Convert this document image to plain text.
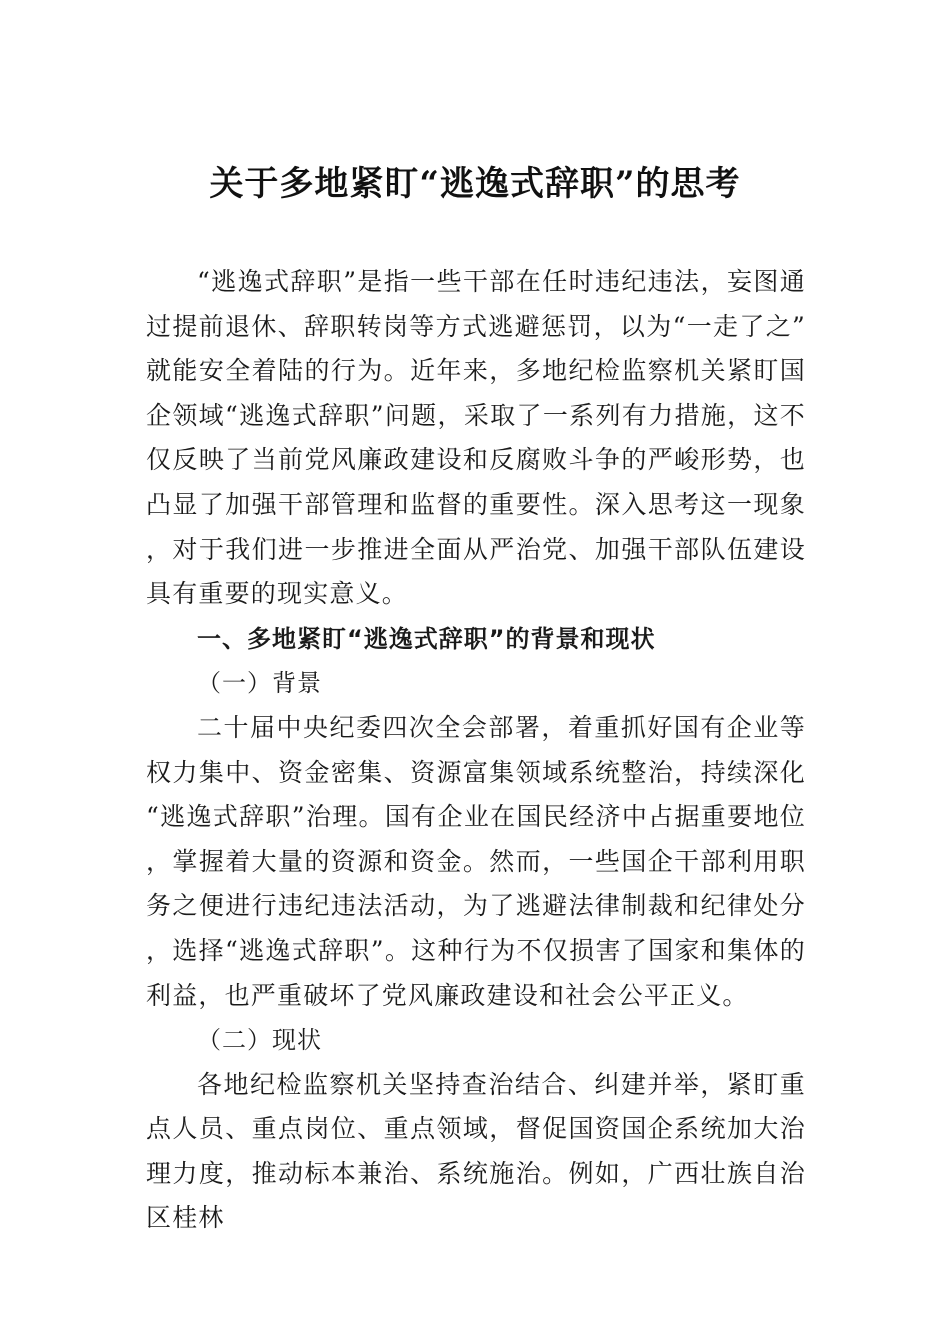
关于多地紧盯“逃逸式辞职”的思考

“逃逸式辞职”是指一些干部在任时违纪违法，妄图通过提前退休、辞职转岗等方式逃避惩罚，以为“一走了之”就能安全着陆的行为。近年来，多地纪检监察机关紧盯国企领域“逃逸式辞职”问题，采取了一系列有力措施，这不仅反映了当前党风廉政建设和反腐败斗争的严峻形势，也凸显了加强干部管理和监督的重要性。深入思考这一现象，对于我们进一步推进全面从严治党、加强干部队伍建设具有重要的现实意义。

一、多地紧盯“逃逸式辞职”的背景和现状

（一）背景

二十届中央纪委四次全会部署，着重抓好国有企业等权力集中、资金密集、资源富集领域系统整治，持续深化“逃逸式辞职”治理。国有企业在国民经济中占据重要地位，掌握着大量的资源和资金。然而，一些国企干部利用职务之便进行违纪违法活动，为了逃避法律制裁和纪律处分，选择“逃逸式辞职”。这种行为不仅损害了国家和集体的利益，也严重破坏了党风廉政建设和社会公平正义。

（二）现状

各地纪检监察机关坚持查治结合、纠建并举，紧盯重点人员、重点岗位、重点领域，督促国资国企系统加大治理力度，推动标本兼治、系统施治。例如，广西壮族自治区桂林
